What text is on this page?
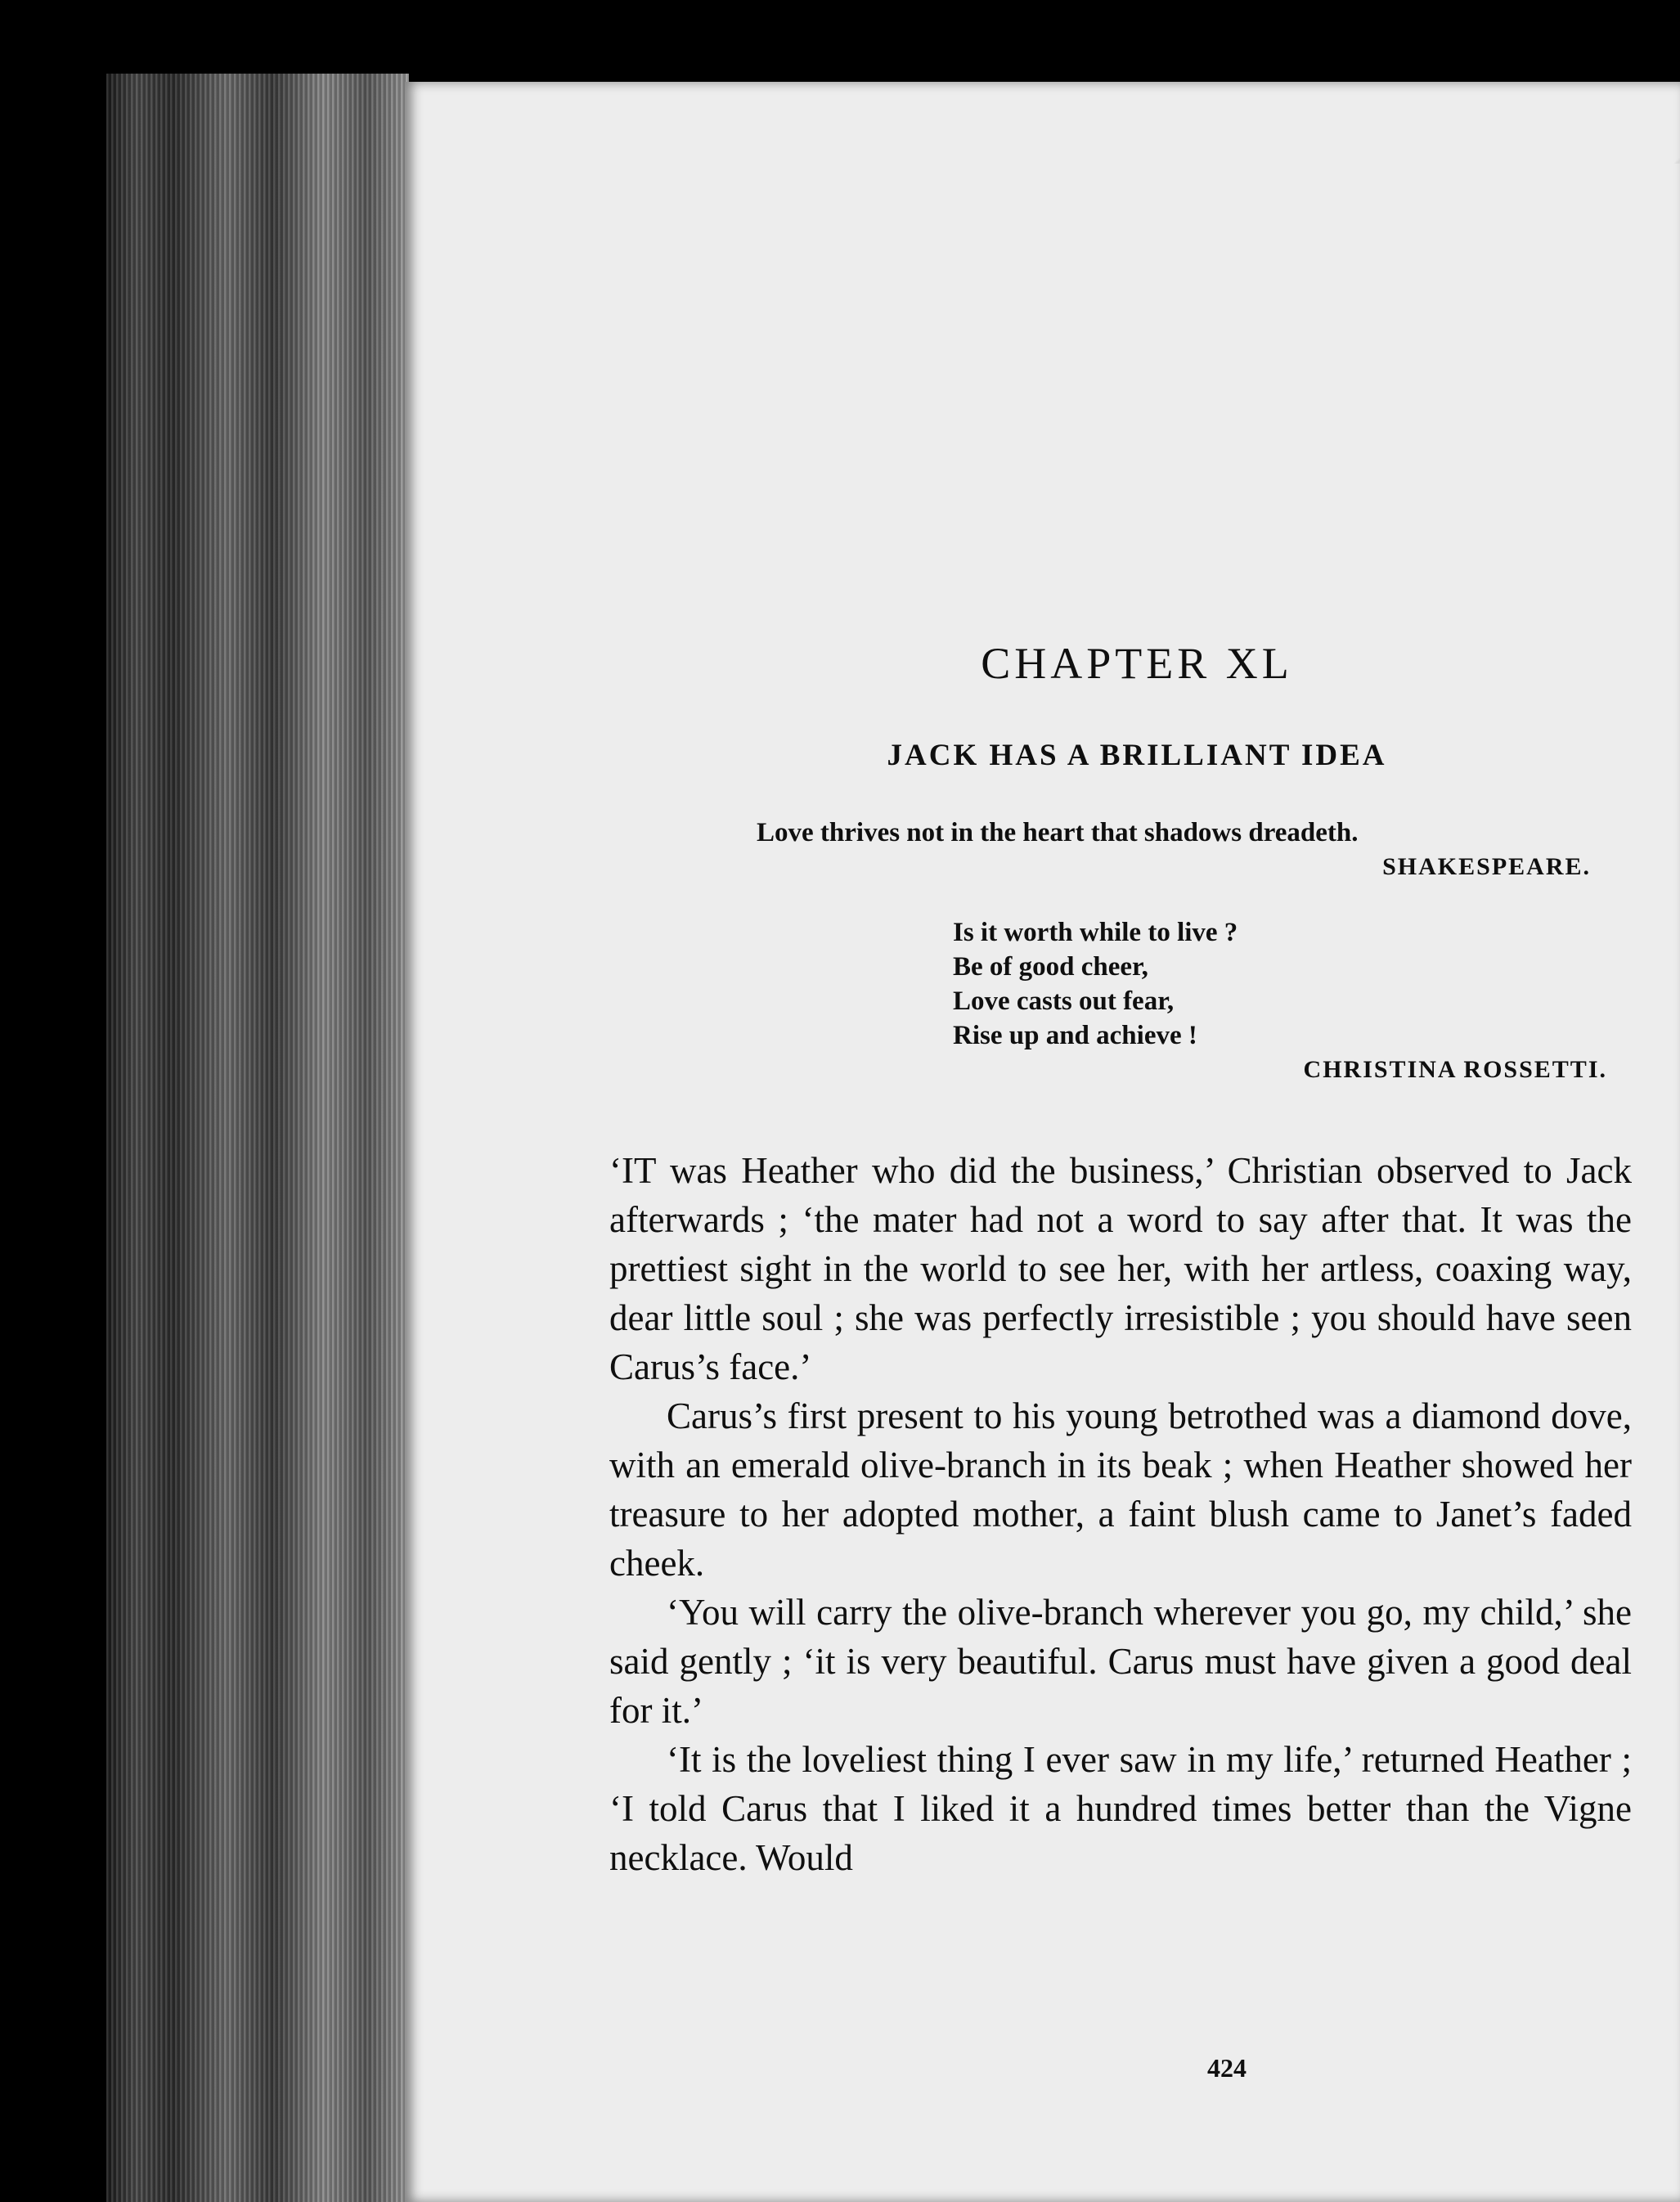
CHAPTER XL
JACK HAS A BRILLIANT IDEA
Love thrives not in the heart that shadows dreadeth.
SHAKESPEARE.
Is it worth while to live ?
Be of good cheer,
Love casts out fear,
Rise up and achieve !
CHRISTINA ROSSETTI.

‘IT was Heather who did the business,’ Christian observed to Jack afterwards ; ‘the mater had not a word to say after that. It was the prettiest sight in the world to see her, with her artless, coaxing way, dear little soul ; she was perfectly irresistible ; you should have seen Carus’s face.’

Carus’s first present to his young betrothed was a diamond dove, with an emerald olive-branch in its beak ; when Heather showed her treasure to her adopted mother, a faint blush came to Janet’s faded cheek.

‘You will carry the olive-branch wherever you go, my child,’ she said gently ; ‘it is very beautiful. Carus must have given a good deal for it.’

‘It is the loveliest thing I ever saw in my life,’ returned Heather ; ‘I told Carus that I liked it a hundred times better than the Vigne necklace. Would

424
